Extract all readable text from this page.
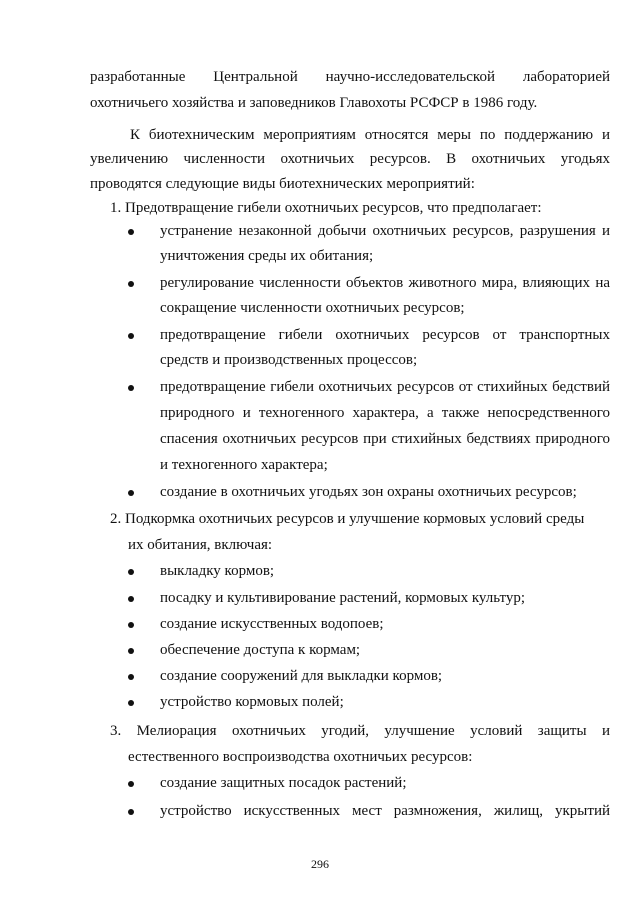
разработанные Центральной научно-исследовательской лабораторией
охотничьего хозяйства и заповедников Главохоты РСФСР в 1986 году.
К биотехническим мероприятиям относятся меры по поддержанию и
увеличению численности охотничьих ресурсов. В охотничьих угодьях
проводятся следующие виды биотехнических мероприятий:
1. Предотвращение гибели охотничьих ресурсов, что предполагает:
устранение незаконной добычи охотничьих ресурсов, разрушения и
уничтожения среды их обитания;
регулирование численности объектов животного мира, влияющих на
сокращение численности охотничьих ресурсов;
предотвращение гибели охотничьих ресурсов от транспортных
средств и производственных процессов;
предотвращение гибели охотничьих ресурсов от стихийных бедствий
природного и техногенного характера, а также непосредственного
спасения охотничьих ресурсов при стихийных бедствиях природного
и техногенного характера;
создание в охотничьих угодьях зон охраны охотничьих ресурсов;
2. Подкормка охотничьих ресурсов и улучшение кормовых условий среды
их обитания, включая:
выкладку кормов;
посадку и культивирование растений, кормовых культур;
создание искусственных водопоев;
обеспечение доступа к кормам;
создание сооружений для выкладки кормов;
устройство кормовых полей;
3. Мелиорация охотничьих угодий, улучшение условий защиты и
естественного воспроизводства охотничьих ресурсов:
создание защитных посадок растений;
устройство искусственных мест размножения, жилищ, укрытий
296
